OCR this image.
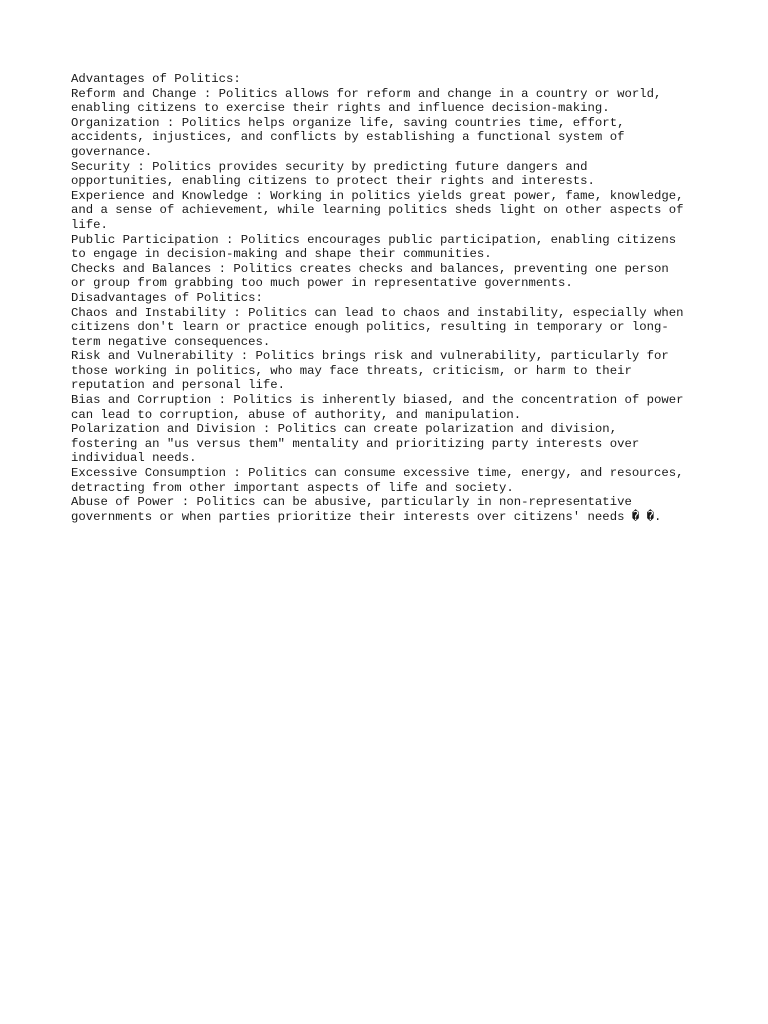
Advantages of Politics:
Reform and Change : Politics allows for reform and change in a country or world,
enabling citizens to exercise their rights and influence decision-making.
Organization : Politics helps organize life, saving countries time, effort,
accidents, injustices, and conflicts by establishing a functional system of
governance.
Security : Politics provides security by predicting future dangers and
opportunities, enabling citizens to protect their rights and interests.
Experience and Knowledge : Working in politics yields great power, fame, knowledge,
and a sense of achievement, while learning politics sheds light on other aspects of
life.
Public Participation : Politics encourages public participation, enabling citizens
to engage in decision-making and shape their communities.
Checks and Balances : Politics creates checks and balances, preventing one person
or group from grabbing too much power in representative governments.
Disadvantages of Politics:
Chaos and Instability : Politics can lead to chaos and instability, especially when
citizens don't learn or practice enough politics, resulting in temporary or long-
term negative consequences.
Risk and Vulnerability : Politics brings risk and vulnerability, particularly for
those working in politics, who may face threats, criticism, or harm to their
reputation and personal life.
Bias and Corruption : Politics is inherently biased, and the concentration of power
can lead to corruption, abuse of authority, and manipulation.
Polarization and Division : Politics can create polarization and division,
fostering an "us versus them" mentality and prioritizing party interests over
individual needs.
Excessive Consumption : Politics can consume excessive time, energy, and resources,
detracting from other important aspects of life and society.
Abuse of Power : Politics can be abusive, particularly in non-representative
governments or when parties prioritize their interests over citizens' needs � �.
